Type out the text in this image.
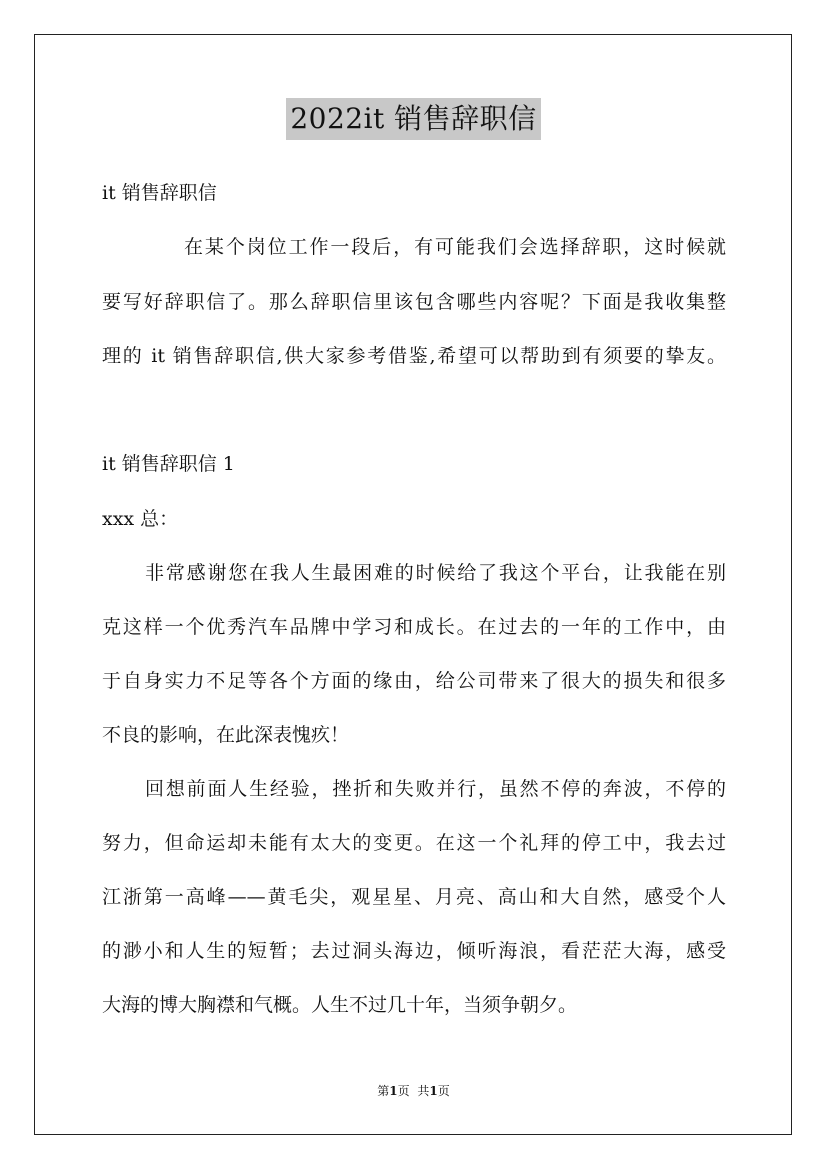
2022it 销售辞职信
it 销售辞职信
在某个岗位工作一段后，有可能我们会选择辞职，这时候就
要写好辞职信了。那么辞职信里该包含哪些内容呢？下面是我收集整
理的 it 销售辞职信,供大家参考借鉴,希望可以帮助到有须要的挚友。
it 销售辞职信 1
xxx 总：
非常感谢您在我人生最困难的时候给了我这个平台，让我能在别
克这样一个优秀汽车品牌中学习和成长。在过去的一年的工作中，由
于自身实力不足等各个方面的缘由，给公司带来了很大的损失和很多
不良的影响，在此深表愧疚！
回想前面人生经验，挫折和失败并行，虽然不停的奔波，不停的
努力，但命运却未能有太大的变更。在这一个礼拜的停工中，我去过
江浙第一高峰——黄毛尖，观星星、月亮、高山和大自然，感受个人
的渺小和人生的短暂；去过洞头海边，倾听海浪，看茫茫大海，感受
大海的博大胸襟和气概。人生不过几十年，当须争朝夕。
第1页 共1页
